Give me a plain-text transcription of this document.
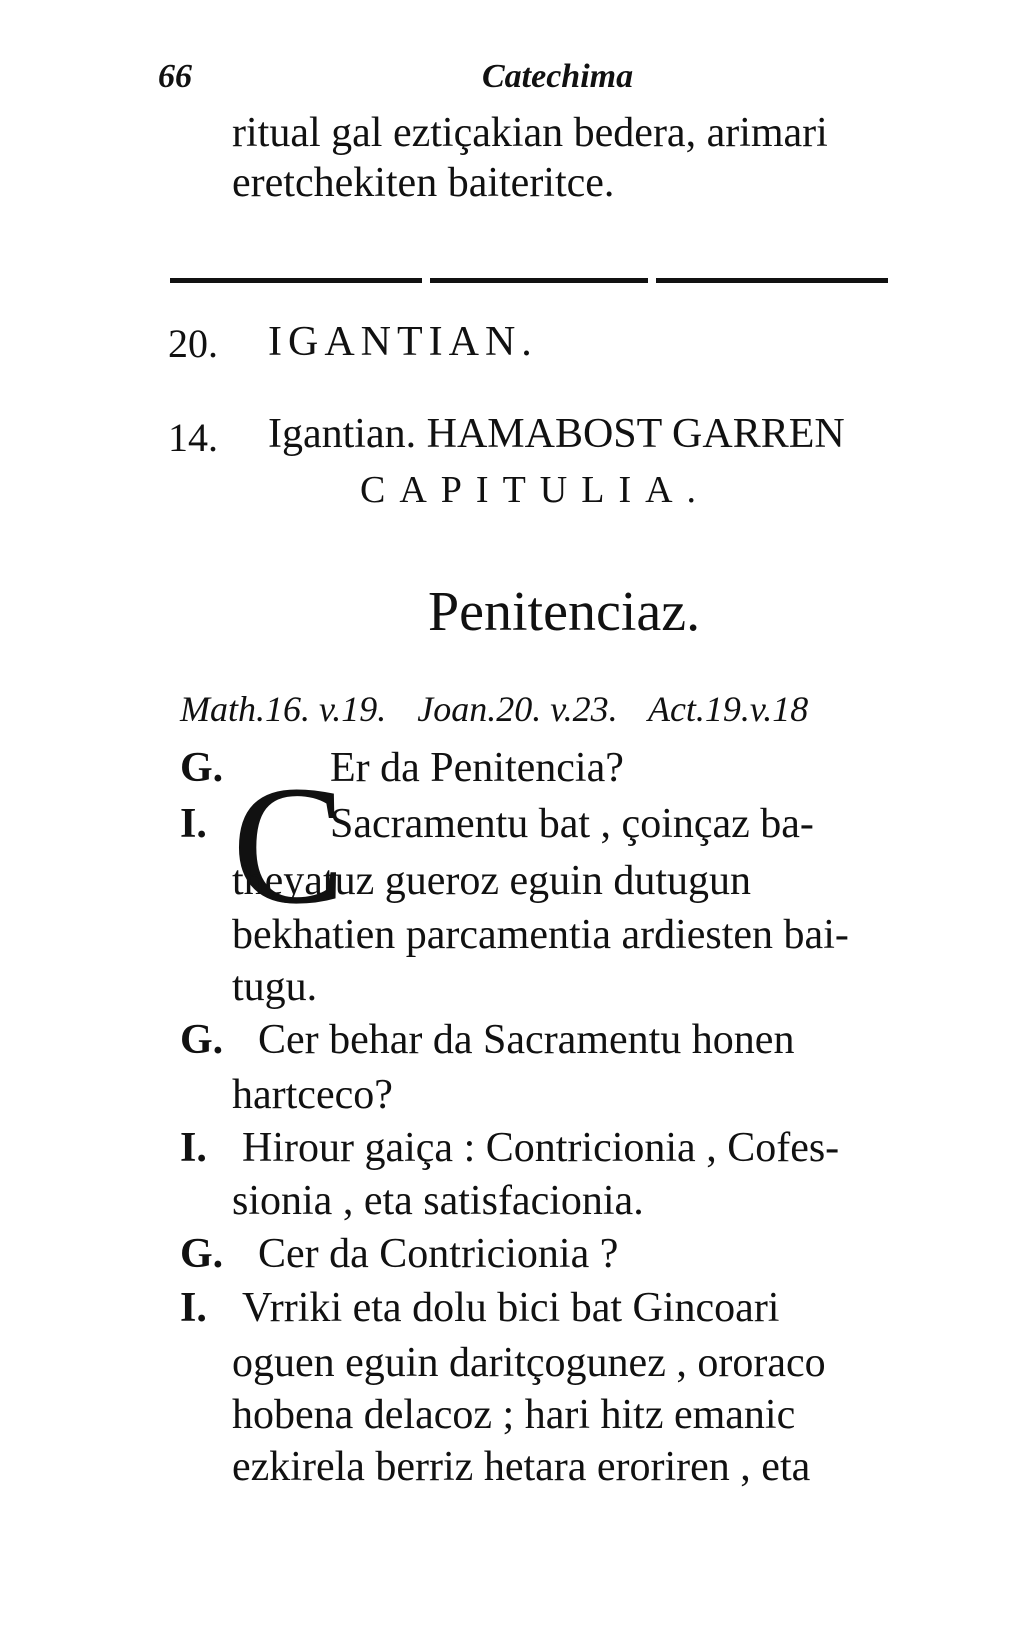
66	Catechima
ritual gal eztiçakian bedera, arimari
eretchekiten baiteritce.
20. IGANTIAN.
14. Igantian. HAMABOST GARREN
CAPITULIA.
Penitenciaz.
Math.16. v.19. Joan.20. v.23. Act.19.v.18
C
G.	Er da Penitencia?
I.	Sacramentu bat , çoinçaz ba-
theyatuz gueroz eguin dutugun
bekhatien parcamentia ardiesten bai-
tugu.
G. Cer behar da Sacramentu honen
hartceco?
I. Hirour gaiça : Contricionia , Cofes-
sionia , eta satisfacionia.
G. Cer da Contricionia ?
I. Vrriki eta dolu bici bat Gincoari
oguen eguin daritçogunez , ororaco
hobena delacoz ; hari hitz emanic
ezkirela berriz hetara eroriren , eta
